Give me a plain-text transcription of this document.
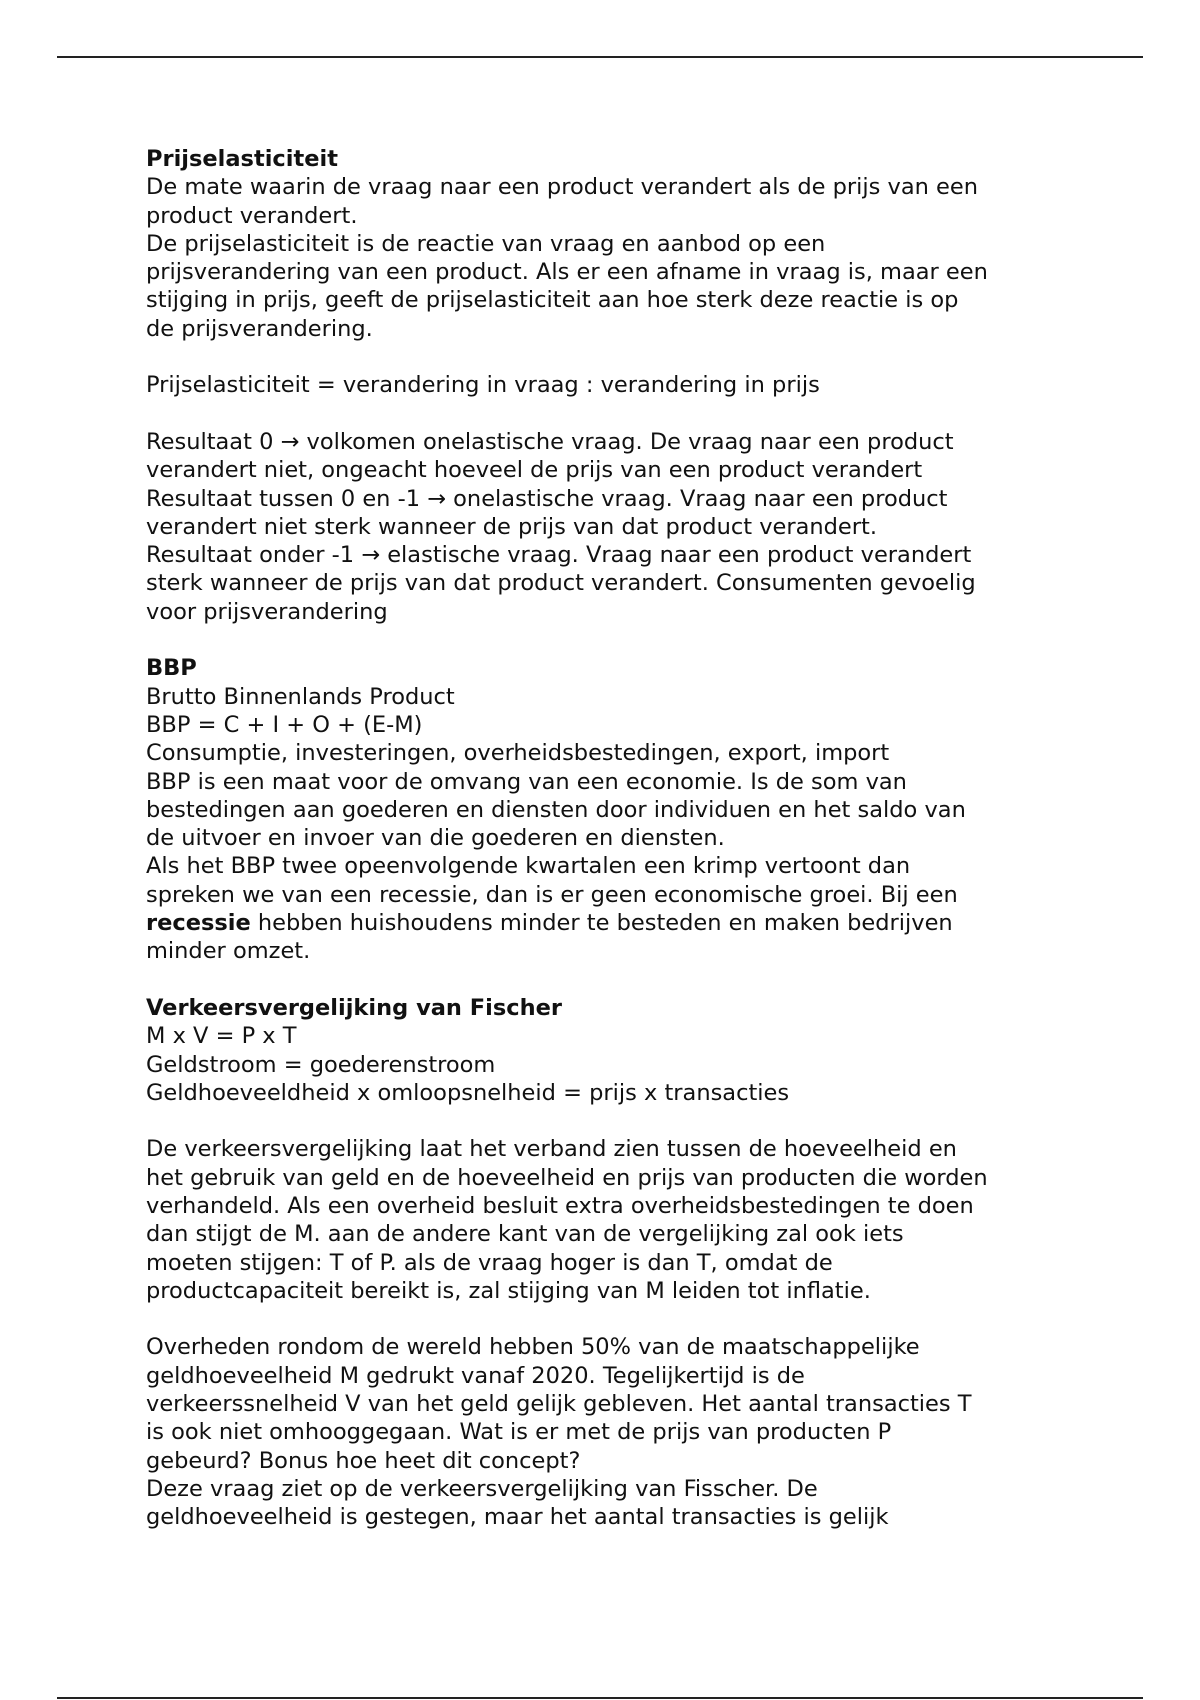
Prijselasticiteit
De mate waarin de vraag naar een product verandert als de prijs van een
product verandert.
De prijselasticiteit is de reactie van vraag en aanbod op een
prijsverandering van een product. Als er een afname in vraag is, maar een
stijging in prijs, geeft de prijselasticiteit aan hoe sterk deze reactie is op
de prijsverandering.
Prijselasticiteit = verandering in vraag : verandering in prijs
Resultaat 0 → volkomen onelastische vraag. De vraag naar een product
verandert niet, ongeacht hoeveel de prijs van een product verandert
Resultaat tussen 0 en -1 → onelastische vraag. Vraag naar een product
verandert niet sterk wanneer de prijs van dat product verandert.
Resultaat onder -1 → elastische vraag. Vraag naar een product verandert
sterk wanneer de prijs van dat product verandert. Consumenten gevoelig
voor prijsverandering
BBP
Brutto Binnenlands Product
BBP = C + I + O + (E-M)
Consumptie, investeringen, overheidsbestedingen, export, import
BBP is een maat voor de omvang van een economie. Is de som van
bestedingen aan goederen en diensten door individuen en het saldo van
de uitvoer en invoer van die goederen en diensten.
Als het BBP twee opeenvolgende kwartalen een krimp vertoont dan
spreken we van een recessie, dan is er geen economische groei. Bij een
recessie hebben huishoudens minder te besteden en maken bedrijven
minder omzet.
Verkeersvergelijking van Fischer
M x V = P x T
Geldstroom = goederenstroom
Geldhoeveeldheid x omloopsnelheid = prijs x transacties
De verkeersvergelijking laat het verband zien tussen de hoeveelheid en
het gebruik van geld en de hoeveelheid en prijs van producten die worden
verhandeld. Als een overheid besluit extra overheidsbestedingen te doen
dan stijgt de M. aan de andere kant van de vergelijking zal ook iets
moeten stijgen: T of P. als de vraag hoger is dan T, omdat de
productcapaciteit bereikt is, zal stijging van M leiden tot inflatie.
Overheden rondom de wereld hebben 50% van de maatschappelijke
geldhoeveelheid M gedrukt vanaf 2020. Tegelijkertijd is de
verkeerssnelheid V van het geld gelijk gebleven. Het aantal transacties T
is ook niet omhooggegaan. Wat is er met de prijs van producten P
gebeurd? Bonus hoe heet dit concept?
Deze vraag ziet op de verkeersvergelijking van Fisscher. De
geldhoeveelheid is gestegen, maar het aantal transacties is gelijk
